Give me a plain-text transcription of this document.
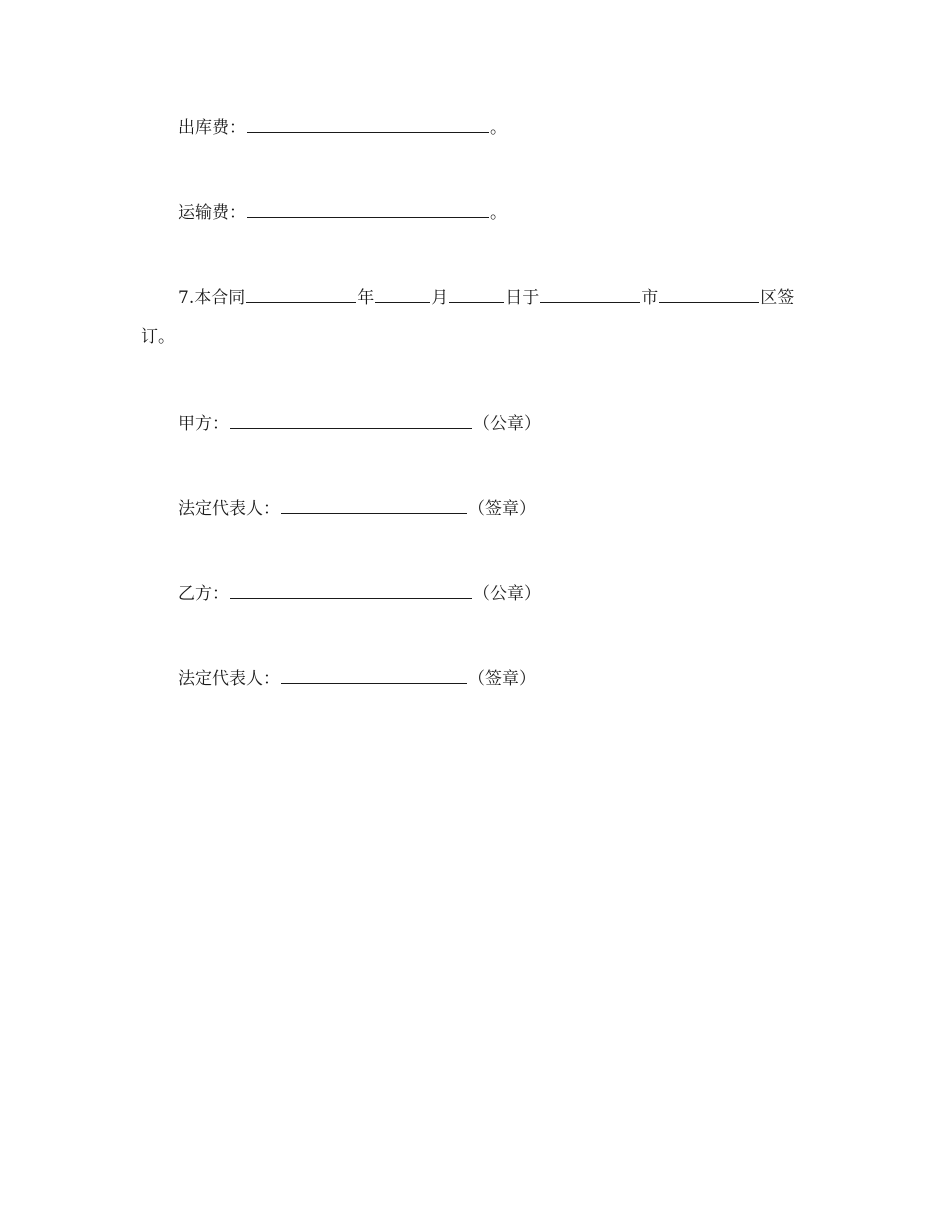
出库费：	。
运输费：	。
7.本合同	年	月	日于	市	区签
订。
甲方：	（公章）
法定代表人：	（签章）
乙方：	（公章）
法定代表人：	（签章）
